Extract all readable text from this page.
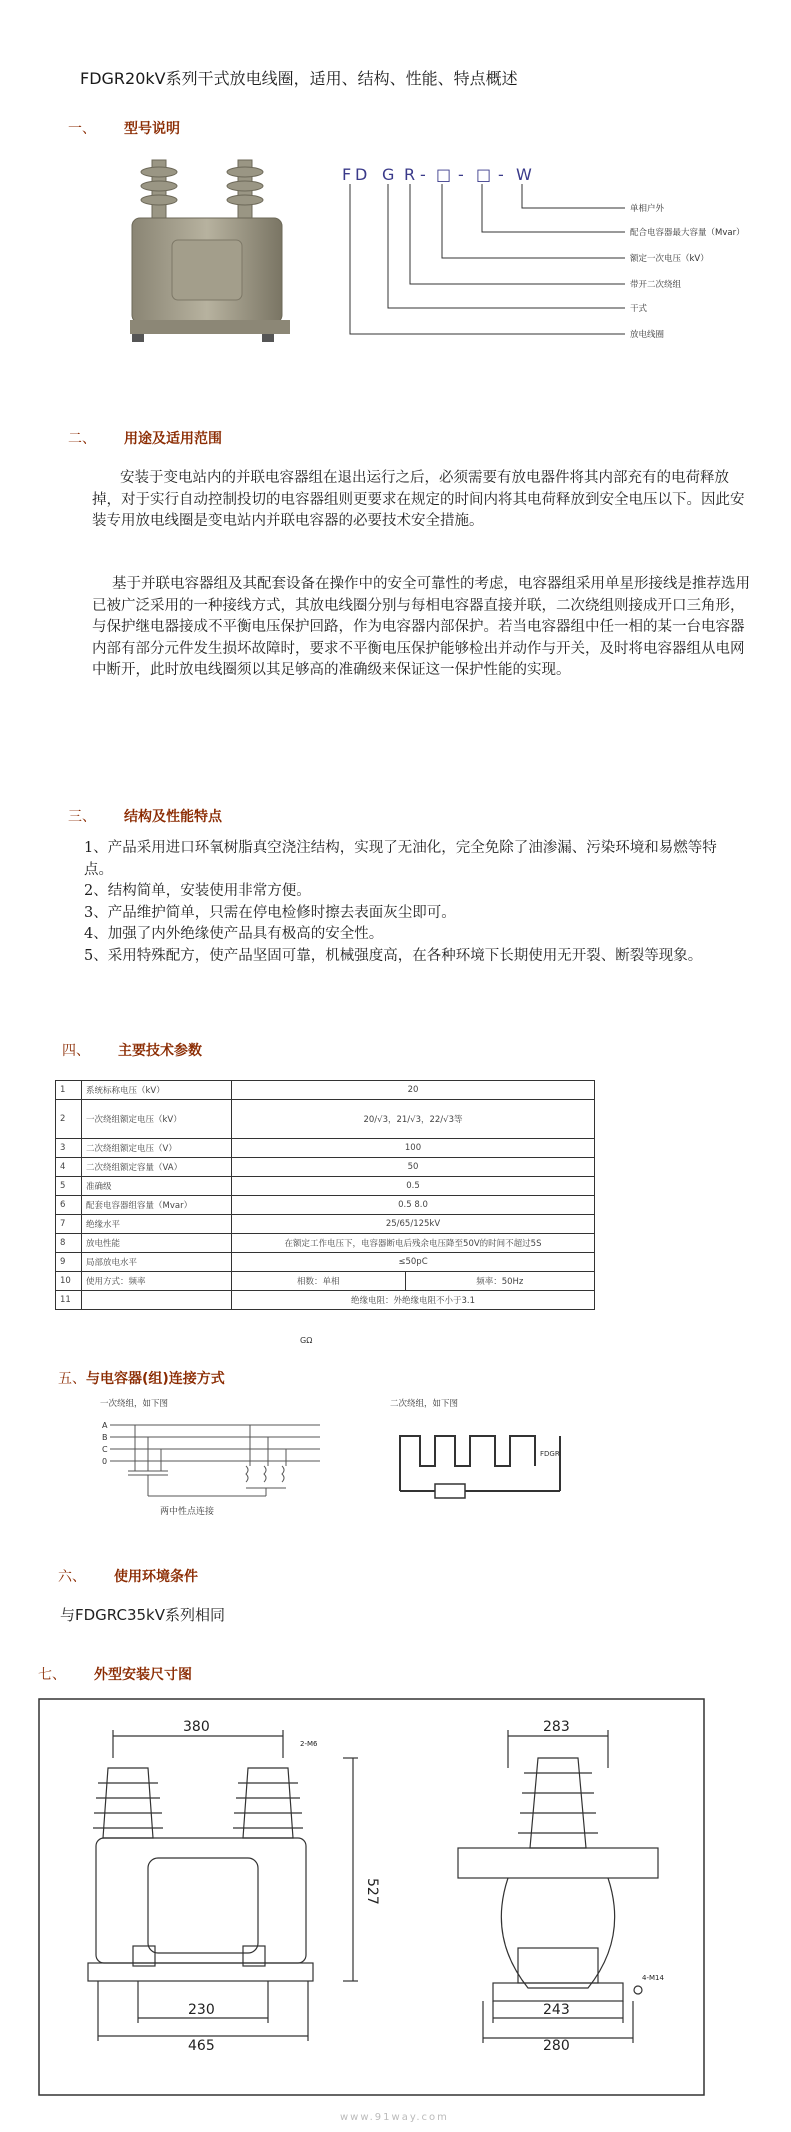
FDGR20kV系列干式放电线圈，适用、结构、性能、特点概述
一、 型号说明
F D G R - □ - □ - W
单相户外
配合电容器最大容量（Mvar）
额定一次电压（kV）
带开二次绕组
干式
放电线圈
二、 用途及适用范围
安装于变电站内的并联电容器组在退出运行之后，必须需要有放电器件将其内部充有的电荷释放掉，对于实行自动控制投切的电容器组则更要求在规定的时间内将其电荷释放到安全电压以下。因此安装专用放电线圈是变电站内并联电容器的必要技术安全措施。
基于并联电容器组及其配套设备在操作中的安全可靠性的考虑，电容器组采用单星形接线是推荐选用已被广泛采用的一种接线方式，其放电线圈分别与每相电容器直接并联，二次绕组则接成开口三角形，与保护继电器接成不平衡电压保护回路，作为电容器内部保护。若当电容器组中任一相的某一台电容器内部有部分元件发生损坏故障时，要求不平衡电压保护能够检出并动作与开关，及时将电容器组从电网中断开，此时放电线圈须以其足够高的准确级来保证这一保护性能的实现。
三、 结构及性能特点
1、产品采用进口环氧树脂真空浇注结构，实现了无油化，完全免除了油渗漏、污染环境和易燃等特点。
2、结构简单，安装使用非常方便。
3、产品维护简单，只需在停电检修时擦去表面灰尘即可。
4、加强了内外绝缘使产品具有极高的安全性。
5、采用特殊配方，使产品坚固可靠，机械强度高，在各种环境下长期使用无开裂、断裂等现象。
四、 主要技术参数
1	系统标称电压（kV）	20	
2	一次绕组额定电压（kV）	20/√3，21/√3，22/√3等	
3	二次绕组额定电压（V）	100	
4	二次绕组额定容量（VA）	50	
5	准确级	0.5	
6	配套电容器组容量（Mvar）	0.5 8.0	
7	绝缘水平	25/65/125kV	
8	放电性能	在额定工作电压下，电容器断电后残余电压降至50V的时间不超过5S	
9	局部放电水平	≤50pC	
10	使用方式：频率	相数：单相	频率：50Hz
11		绝缘电阻：外绝缘电阻不小于3.1	
GΩ
五、与电容器(组)连接方式
一次绕组，如下图
A
B
C
0
两中性点连接
二次绕组，如下图
FDGR
六、 使用环境条件
与FDGRC35kV系列相同
七、 外型安装尺寸图
380
527
230
465
2-M6
283
243
280
4-M14
www.91way.com
